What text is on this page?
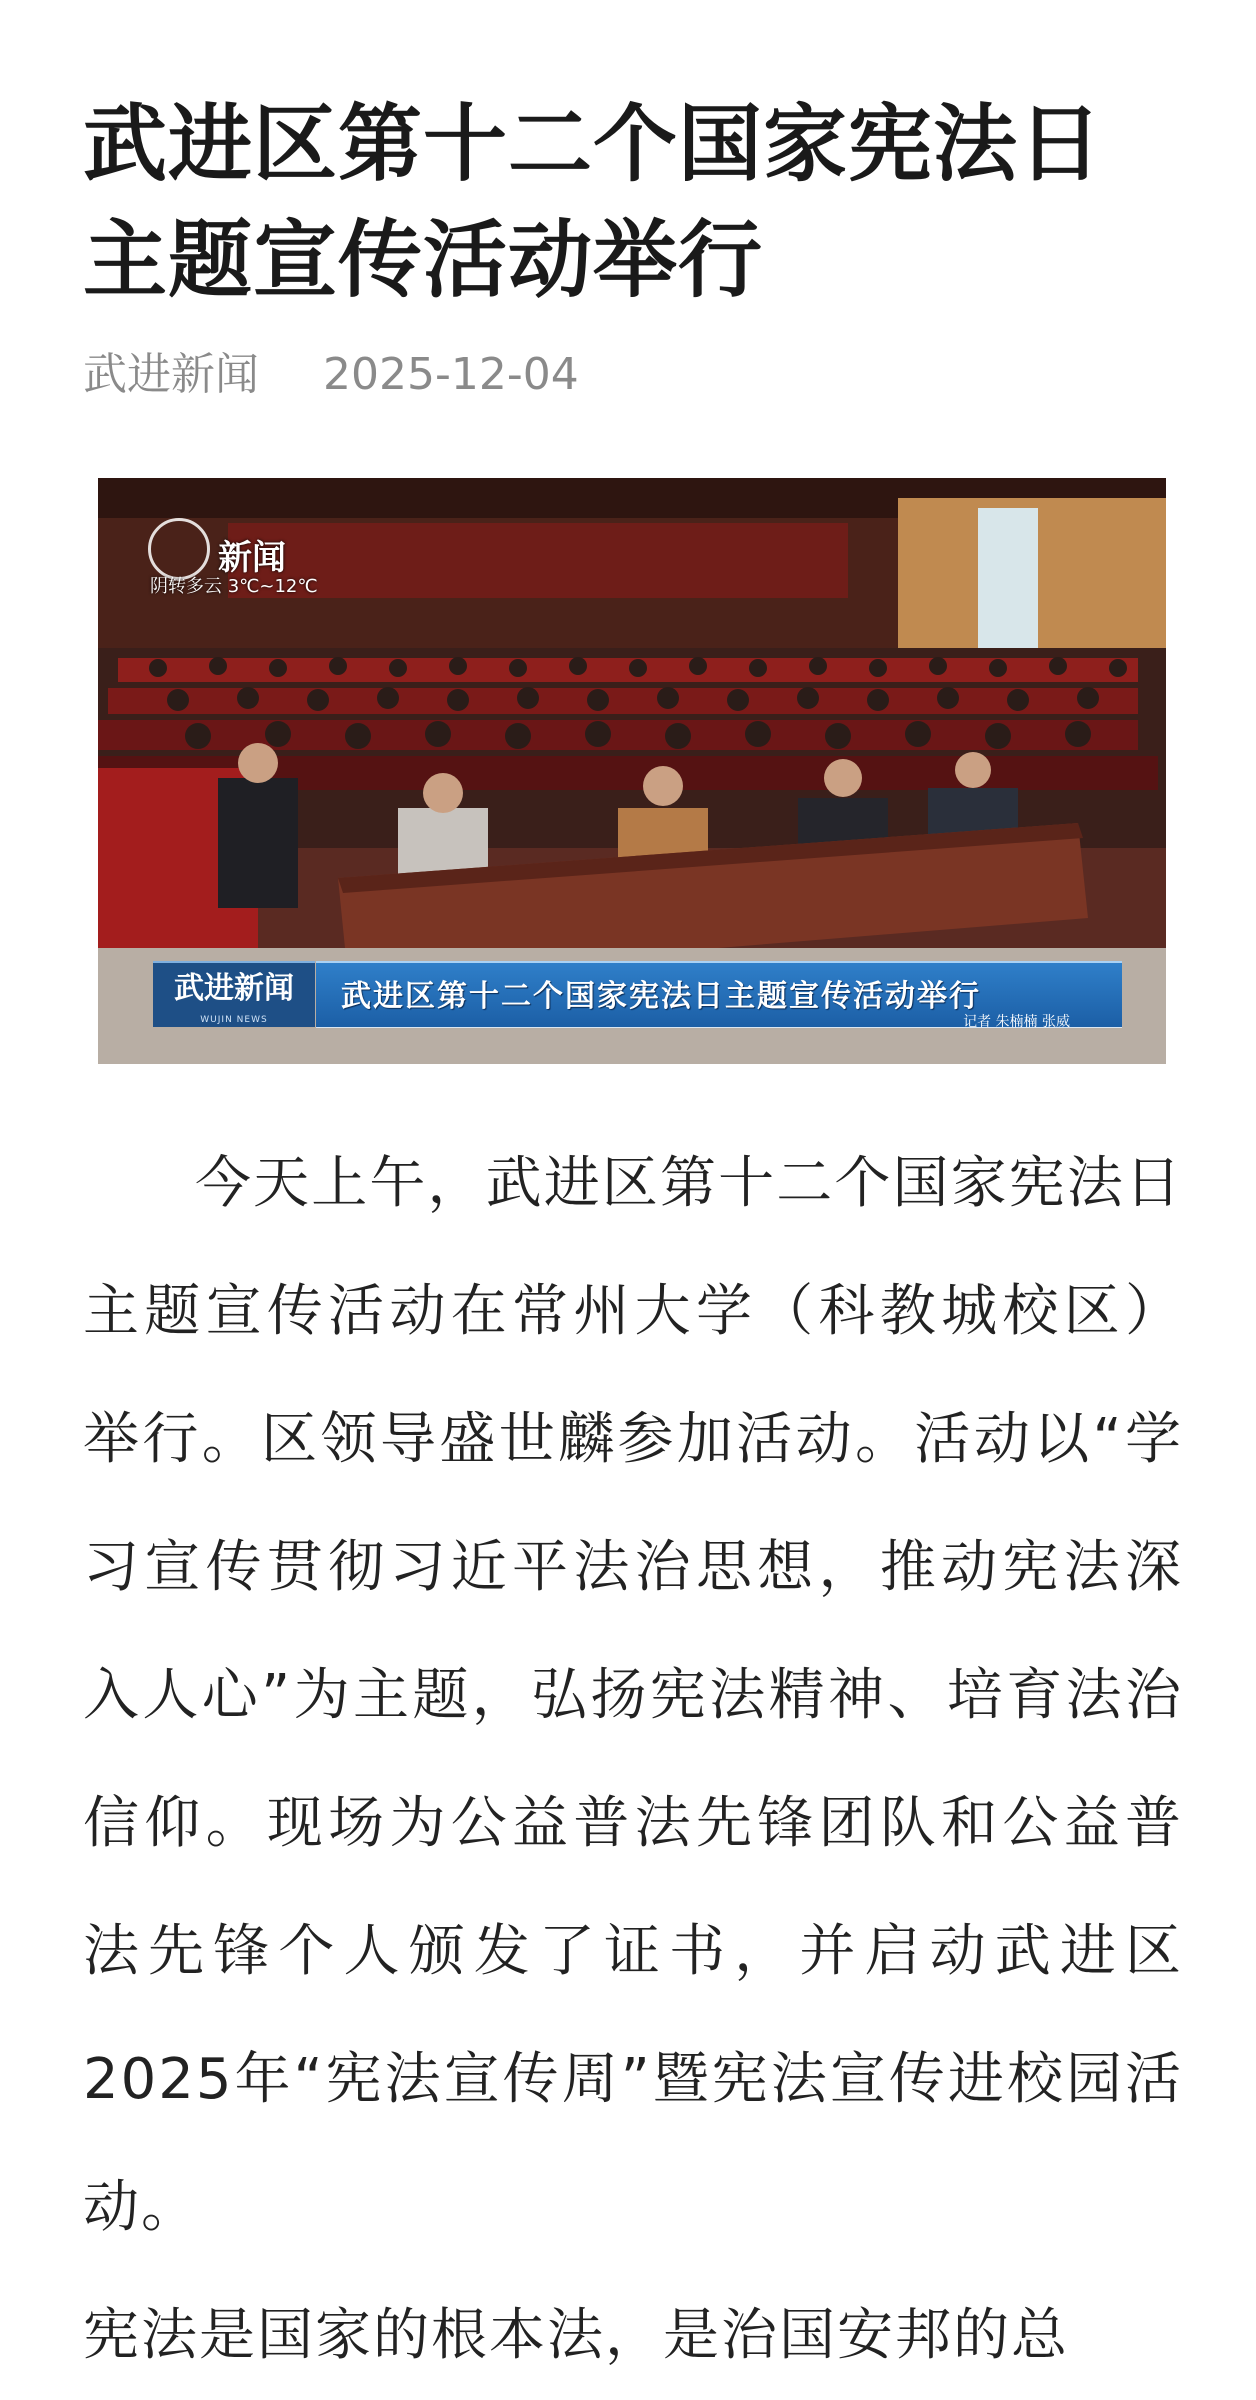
武进区第十二个国家宪法日主题宣传活动举行
武进新闻 2025-12-04
新闻
阴转多云 3℃~12℃
武进新闻
WUJIN NEWS
武进区第十二个国家宪法日主题宣传活动举行
记者 朱楠楠 张威

今天上午，武进区第十二个国家宪法日主题宣传活动在常州大学（科教城校区）举行。区领导盛世麟参加活动。活动以“学习宣传贯彻习近平法治思想，推动宪法深入人心”为主题，弘扬宪法精神、培育法治信仰。现场为公益普法先锋团队和公益普法先锋个人颁发了证书，并启动武进区2025年“宪法宣传周”暨宪法宣传进校园活动。

宪法是国家的根本法，是治国安邦的总
